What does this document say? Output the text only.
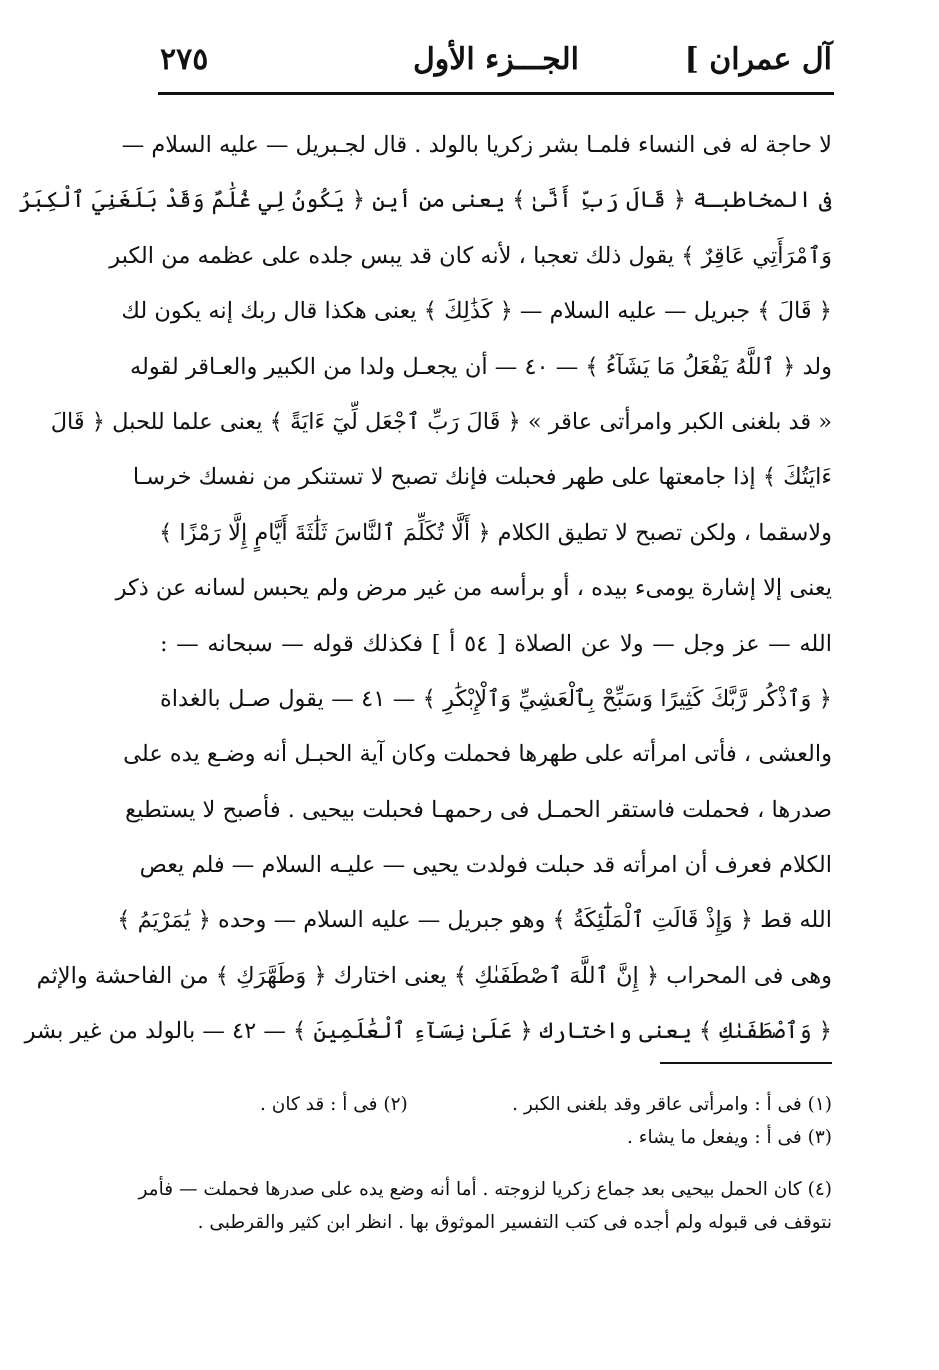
آل عمران ]
الجـــزء الأول
٢٧٥
لا حاجة له فى النساء فلمـا بشر زكريا بالولد . قال لجـبريل — عليه السلام —
فى المخاطبـة ﴿ قَالَ رَبِّ أَنَّىٰ ﴾ يعنى من أين ﴿ يَكُونُ لِي غُلَٰمٌ وَقَدْ بَلَغَنِيَ ٱلْكِبَرُ
وَٱمْرَأَتِي عَاقِرٌ ﴾ يقول ذلك تعجبا ، لأنه كان قد يبس جلده على عظمه من الكبر
﴿ قَالَ ﴾ جبريل — عليه السلام — ﴿ كَذَٰلِكَ ﴾ يعنى هكذا قال ربك إنه يكون لك
ولد ﴿ ٱللَّهُ يَفْعَلُ مَا يَشَآءُ ﴾ — ٤٠ — أن يجعـل ولدا من الكبير والعـاقر لقوله
« قد بلغنى الكبر وامرأتى عاقر » ﴿ قَالَ رَبِّ ٱجْعَل لِّيٓ ءَايَةً ﴾ يعنى علما للحبل ﴿ قَالَ
ءَايَتُكَ ﴾ إذا جامعتها على طهر فحبلت فإنك تصبح لا تستنكر من نفسك خرسـا
ولاسقما ، ولكن تصبح لا تطيق الكلام ﴿ أَلَّا تُكَلِّمَ ٱلنَّاسَ ثَلَٰثَةَ أَيَّامٍ إِلَّا رَمْزًا ﴾
يعنى إلا إشارة يومىء بيده ، أو برأسه من غير مرض ولم يحبس لسانه عن ذكر
الله — عز وجل — ولا عن الصلاة [ ٥٤ أ ] فكذلك قوله — سبحانه — :
﴿ وَٱذْكُر رَّبَّكَ كَثِيرًا وَسَبِّحْ بِٱلْعَشِيِّ وَٱلْإِبْكَٰرِ ﴾ — ٤١ — يقول صـل بالغداة
والعشى ، فأتى امرأته على طهرها فحملت وكان آية الحبـل أنه وضـع يده على
صدرها ، فحملت فاستقر الحمـل فى رحمهـا فحبلت بيحيى . فأصبح لا يستطيع
الكلام فعرف أن امرأته قد حبلت فولدت يحيى — عليـه السلام — فلم يعص
الله قط ﴿ وَإِذْ قَالَتِ ٱلْمَلَٰٓئِكَةُ ﴾ وهو جبريل — عليه السلام — وحده ﴿ يَٰمَرْيَمُ ﴾
وهى فى المحراب ﴿ إِنَّ ٱللَّهَ ٱصْطَفَىٰكِ ﴾ يعنى اختارك ﴿ وَطَهَّرَكِ ﴾ من الفاحشة والإثم
﴿ وَٱصْطَفَىٰكِ ﴾ يعنى واختارك ﴿ عَلَىٰ نِسَآءِ ٱلْعَٰلَمِينَ ﴾ — ٤٢ — بالولد من غير بشر
(١) فى أ : وامرأتى عاقر وقد بلغنى الكبر .
(٢) فى أ : قد كان .
(٣) فى أ : ويفعل ما يشاء .
(٤) كان الحمل بيحيى بعد جماع زكريا لزوجته . أما أنه وضع يده على صدرها فحملت — فأمر
نتوقف فى قبوله ولم أجده فى كتب التفسير الموثوق بها . انظر ابن كثير والقرطبى .
